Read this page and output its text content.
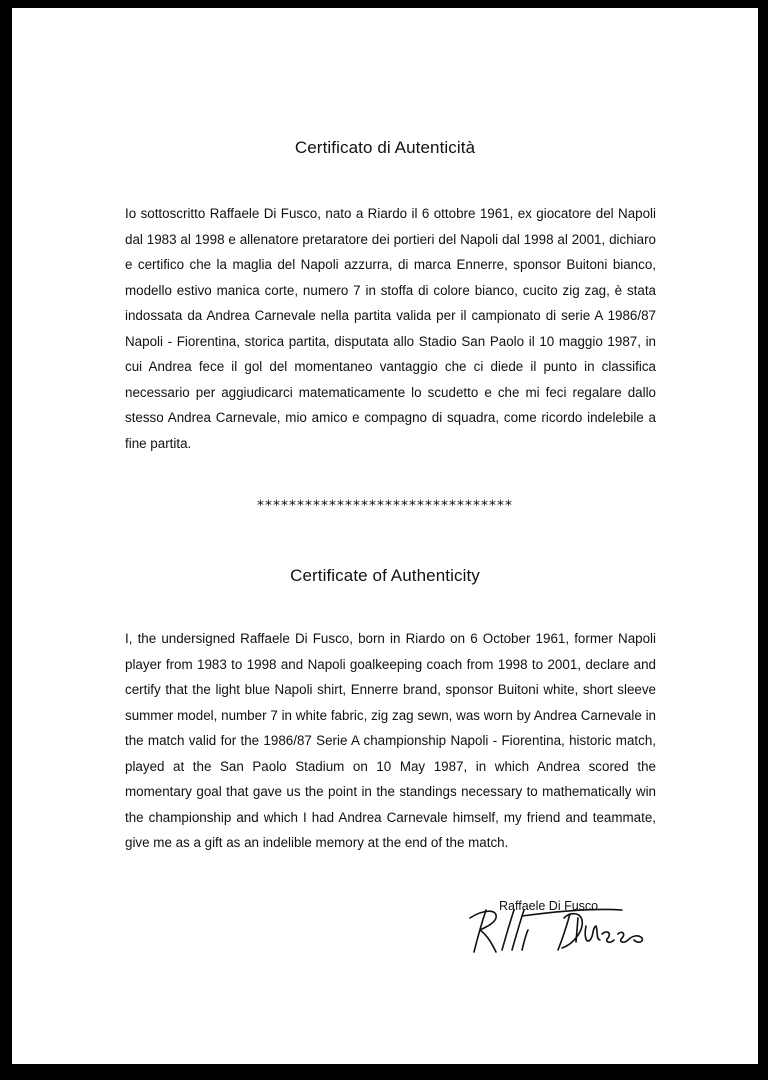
Certificato di Autenticità
Io sottoscritto Raffaele Di Fusco, nato a Riardo il 6 ottobre 1961, ex giocatore del Napoli dal 1983 al 1998 e allenatore pretaratore dei portieri del Napoli dal 1998 al 2001, dichiaro e certifico che la maglia del Napoli azzurra, di marca Ennerre, sponsor Buitoni bianco, modello estivo manica corte, numero 7 in stoffa di colore bianco, cucito zig zag, è stata indossata da Andrea Carnevale nella partita valida per il campionato di serie A 1986/87 Napoli - Fiorentina, storica partita, disputata allo Stadio San Paolo il 10 maggio 1987, in cui Andrea fece il gol del momentaneo vantaggio che ci diede il punto in classifica necessario per aggiudicarci matematicamente lo scudetto e che mi feci regalare dallo stesso Andrea Carnevale, mio amico e compagno di squadra, come ricordo indelebile a fine partita.
********************************
Certificate of Authenticity
I, the undersigned Raffaele Di Fusco, born in Riardo on 6 October 1961, former Napoli player from 1983 to 1998 and Napoli goalkeeping coach from 1998 to 2001, declare and certify that the light blue Napoli shirt, Ennerre brand, sponsor Buitoni white, short sleeve summer model, number 7 in white fabric, zig zag sewn, was worn by Andrea Carnevale in the match valid for the 1986/87 Serie A championship Napoli - Fiorentina, historic match, played at the San Paolo Stadium on 10 May 1987, in which Andrea scored the momentary goal that gave us the point in the standings necessary to mathematically win the championship and which I had Andrea Carnevale himself, my friend and teammate, give me as a gift as an indelible memory at the end of the match.
Raffaele Di Fusco
